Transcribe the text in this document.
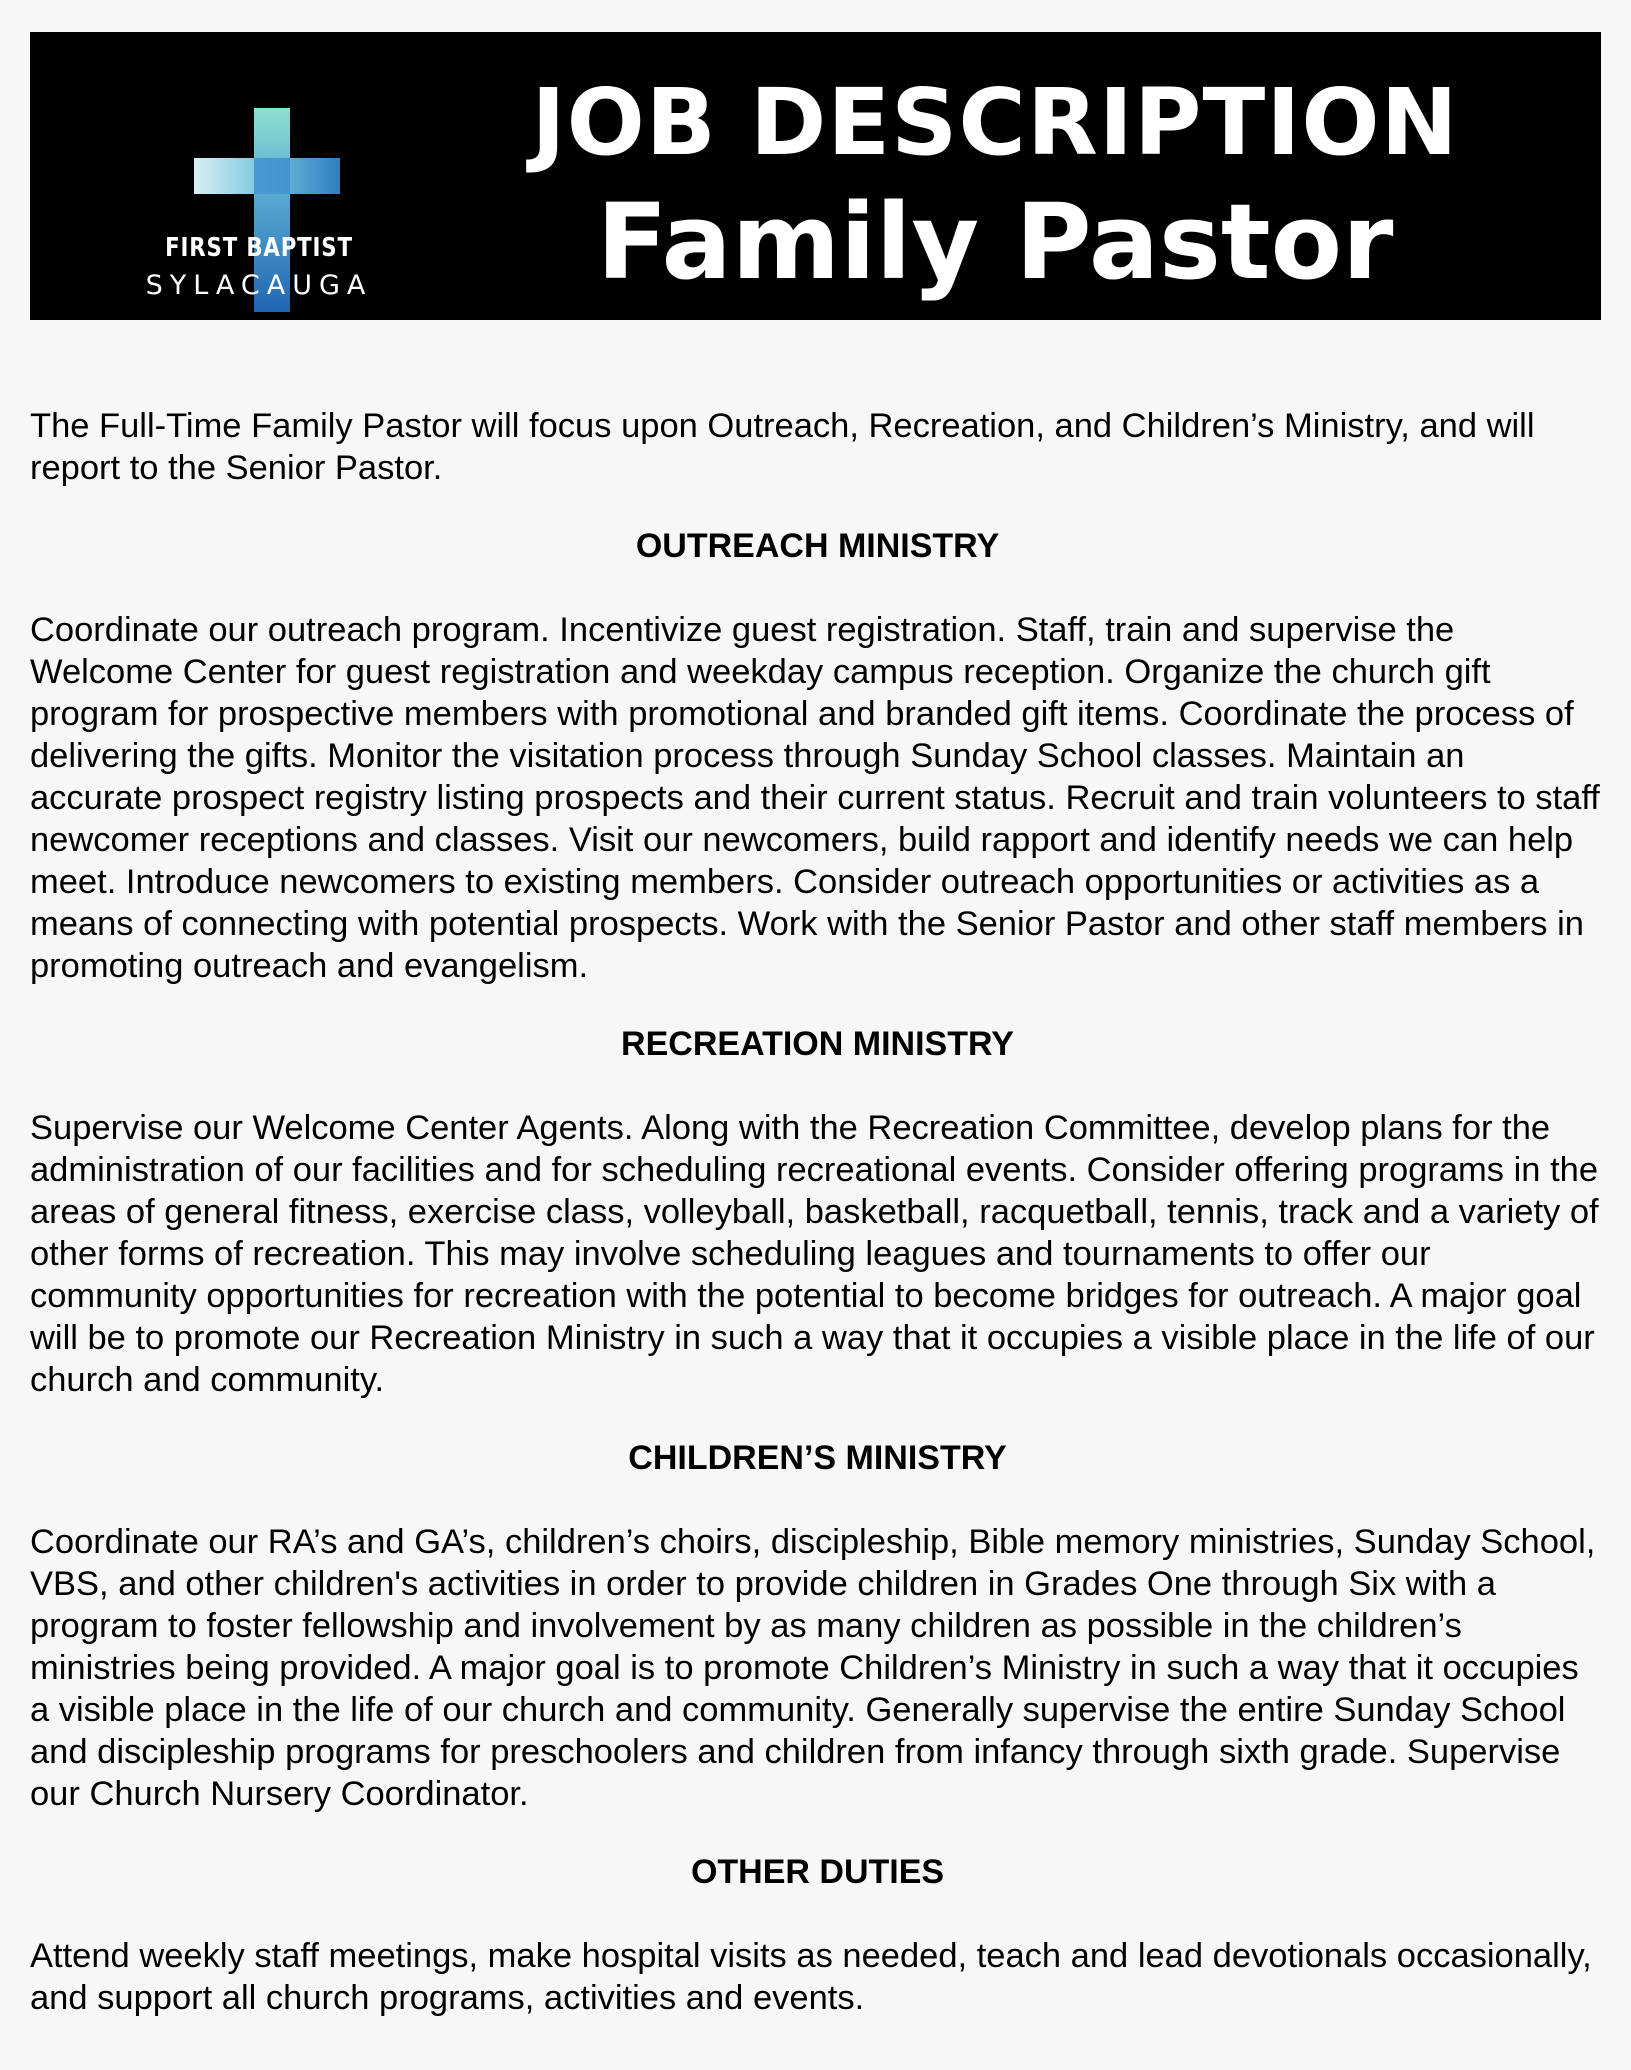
FIRST BAPTIST
SYLACAUGA
JOB DESCRIPTION
Family Pastor

The Full-Time Family Pastor will focus upon Outreach, Recreation, and Children’s Ministry, and will report to the Senior Pastor.

OUTREACH MINISTRY

Coordinate our outreach program. Incentivize guest registration. Staff, train and supervise the Welcome Center for guest registration and weekday campus reception. Organize the church gift program for prospective members with promotional and branded gift items. Coordinate the process of delivering the gifts. Monitor the visitation process through Sunday School classes. Maintain an accurate prospect registry listing prospects and their current status. Recruit and train volunteers to staff newcomer receptions and classes. Visit our newcomers, build rapport and identify needs we can help meet. Introduce newcomers to existing members. Consider outreach opportunities or activities as a means of connecting with potential prospects. Work with the Senior Pastor and other staff members in promoting outreach and evangelism.

RECREATION MINISTRY

Supervise our Welcome Center Agents. Along with the Recreation Committee, develop plans for the administration of our facilities and for scheduling recreational events. Consider offering programs in the areas of general fitness, exercise class, volleyball, basketball, racquetball, tennis, track and a variety of other forms of recreation. This may involve scheduling leagues and tournaments to offer our community opportunities for recreation with the potential to become bridges for outreach. A major goal will be to promote our Recreation Ministry in such a way that it occupies a visible place in the life of our church and community.

CHILDREN’S MINISTRY

Coordinate our RA’s and GA’s, children’s choirs, discipleship, Bible memory ministries, Sunday School, VBS, and other children's activities in order to provide children in Grades One through Six with a program to foster fellowship and involvement by as many children as possible in the children’s ministries being provided. A major goal is to promote Children’s Ministry in such a way that it occupies a visible place in the life of our church and community. Generally supervise the entire Sunday School and discipleship programs for preschoolers and children from infancy through sixth grade. Supervise our Church Nursery Coordinator.

OTHER DUTIES

Attend weekly staff meetings, make hospital visits as needed, teach and lead devotionals occasionally, and support all church programs, activities and events.
